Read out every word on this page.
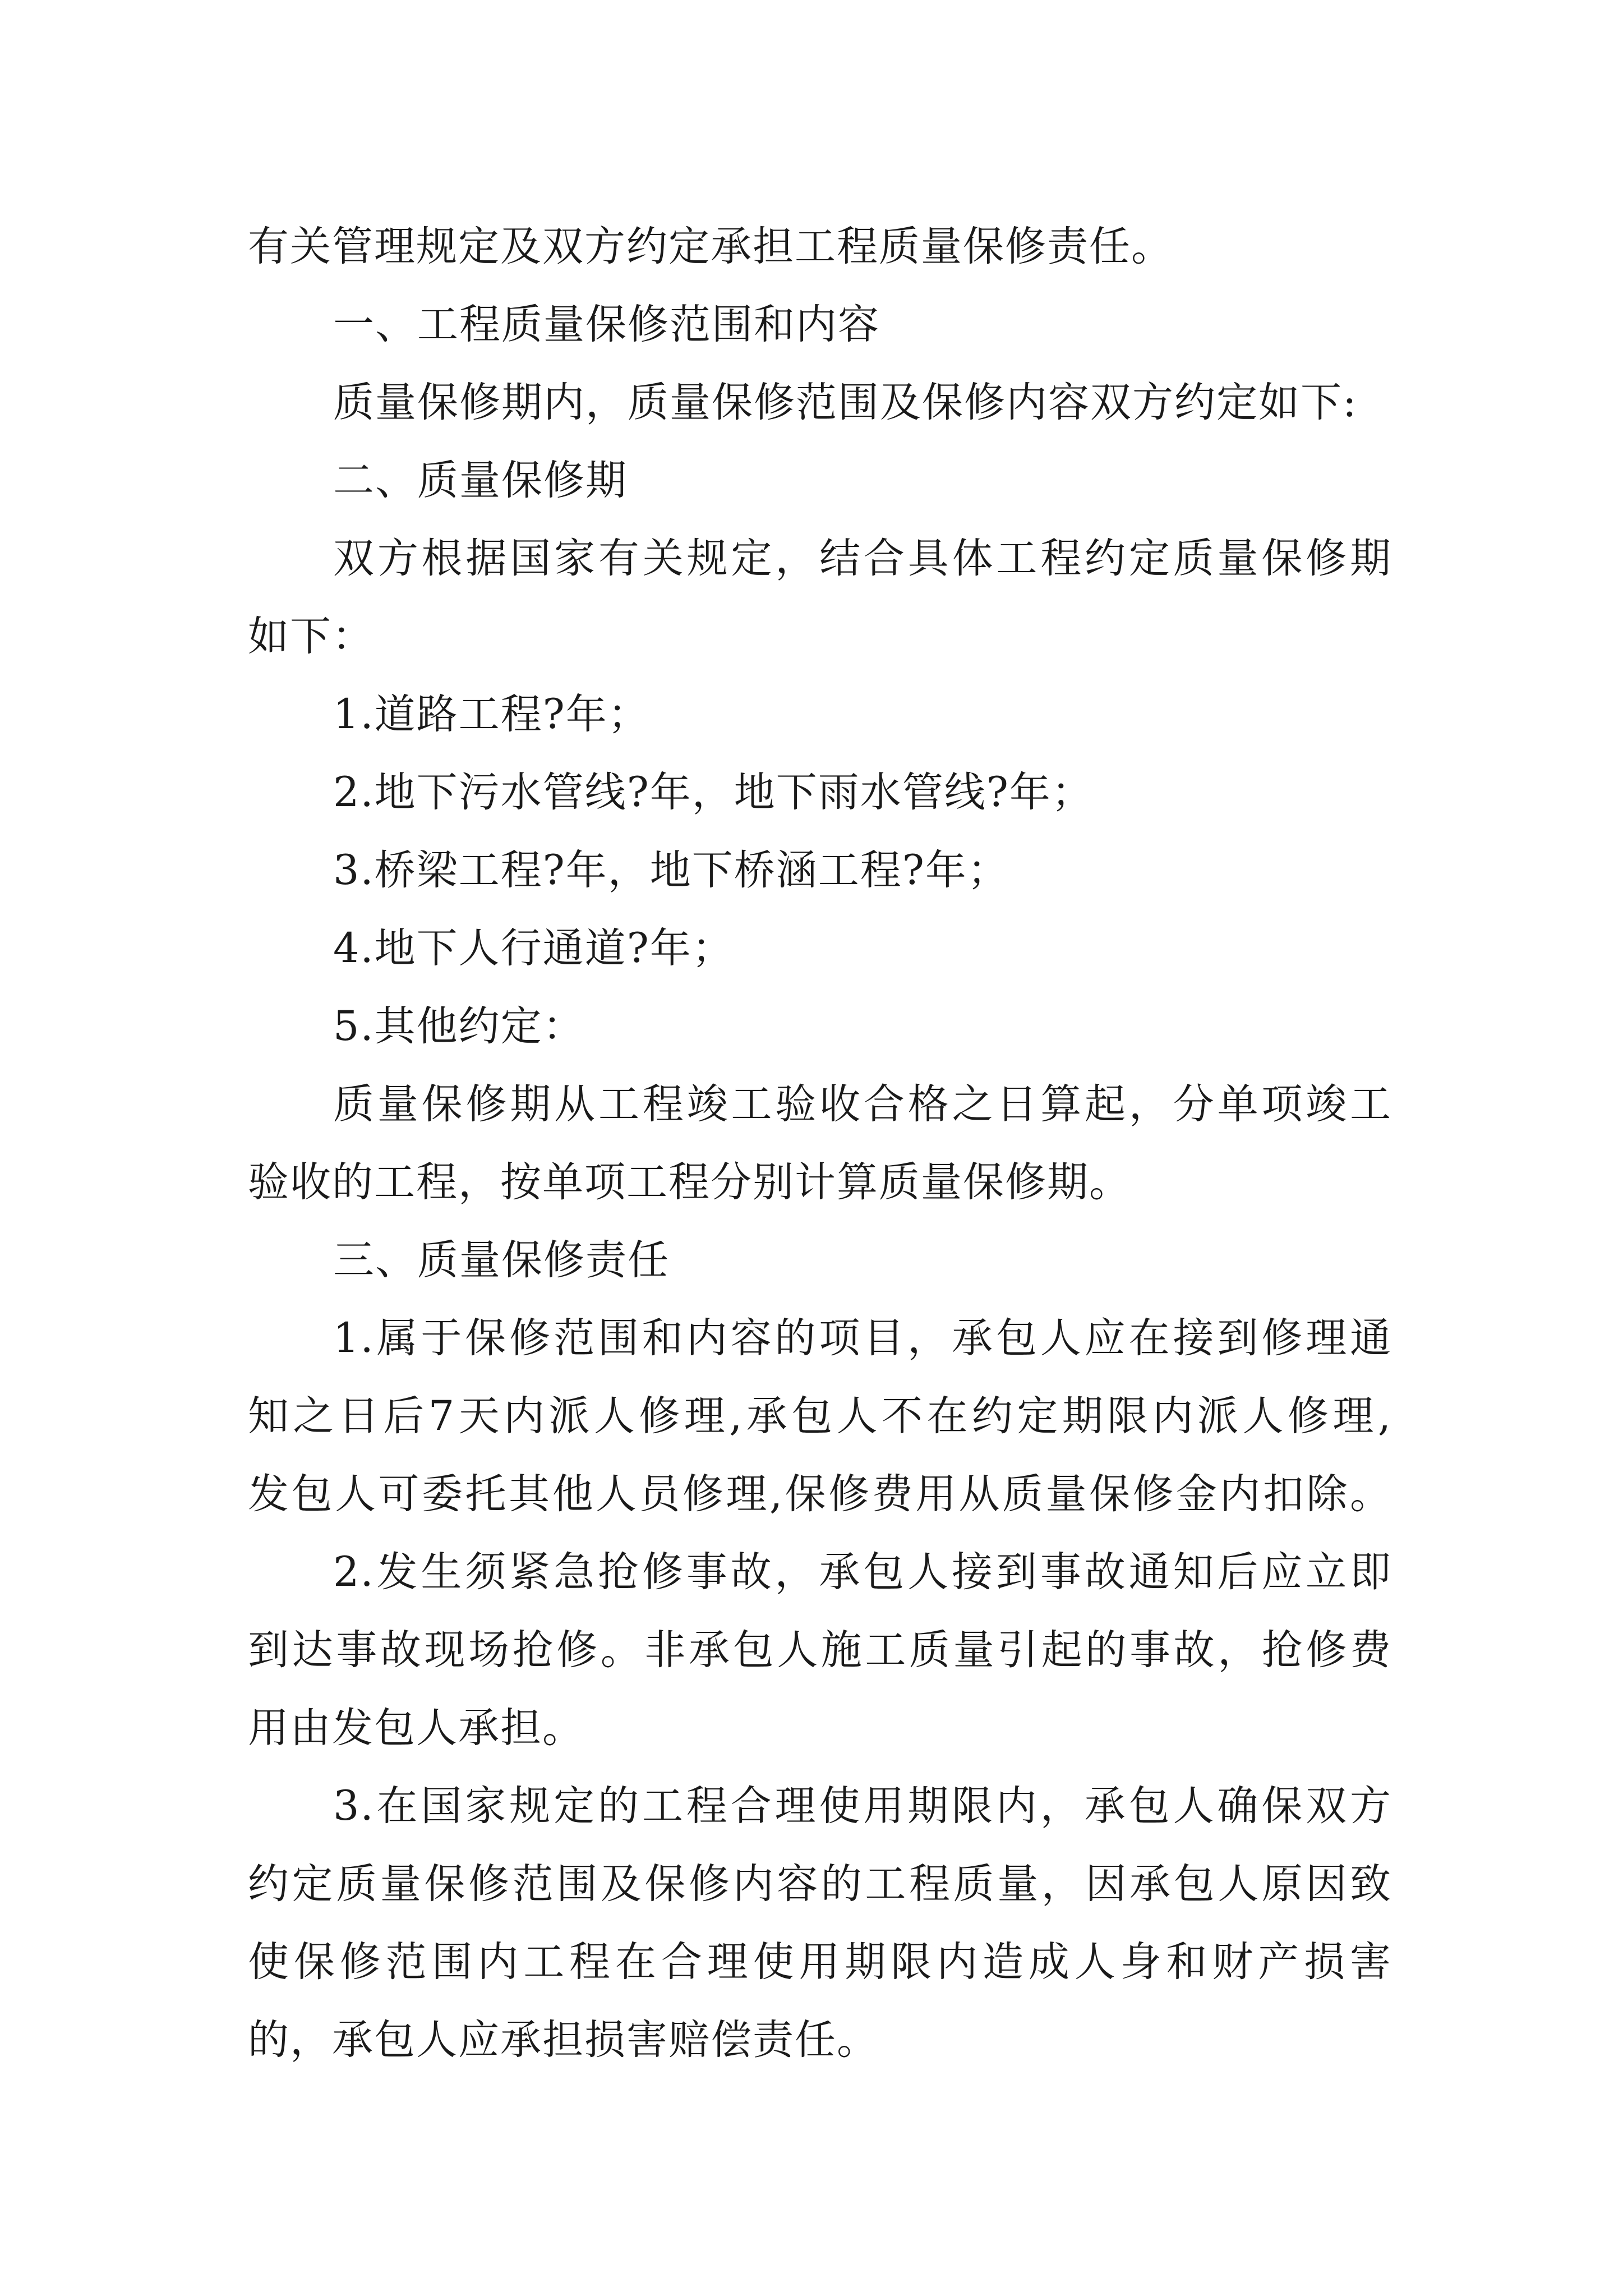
有关管理规定及双方约定承担工程质量保修责任。
一、工程质量保修范围和内容
质量保修期内，质量保修范围及保修内容双方约定如下:
二、质量保修期
双方根据国家有关规定，结合具体工程约定质量保修期
如下：
1.道路工程?年；
2.地下污水管线?年，地下雨水管线?年；
3.桥梁工程?年，地下桥涵工程?年；
4.地下人行通道?年；
5.其他约定：
质量保修期从工程竣工验收合格之日算起，分单项竣工
验收的工程，按单项工程分别计算质量保修期。
三、质量保修责任
1.属于保修范围和内容的项目，承包人应在接到修理通
知之日后7天内派人修理,承包人不在约定期限内派人修理,
发包人可委托其他人员修理,保修费用从质量保修金内扣除。
2.发生须紧急抢修事故，承包人接到事故通知后应立即
到达事故现场抢修。非承包人施工质量引起的事故，抢修费
用由发包人承担。
3.在国家规定的工程合理使用期限内，承包人确保双方
约定质量保修范围及保修内容的工程质量，因承包人原因致
使保修范围内工程在合理使用期限内造成人身和财产损害
的，承包人应承担损害赔偿责任。
